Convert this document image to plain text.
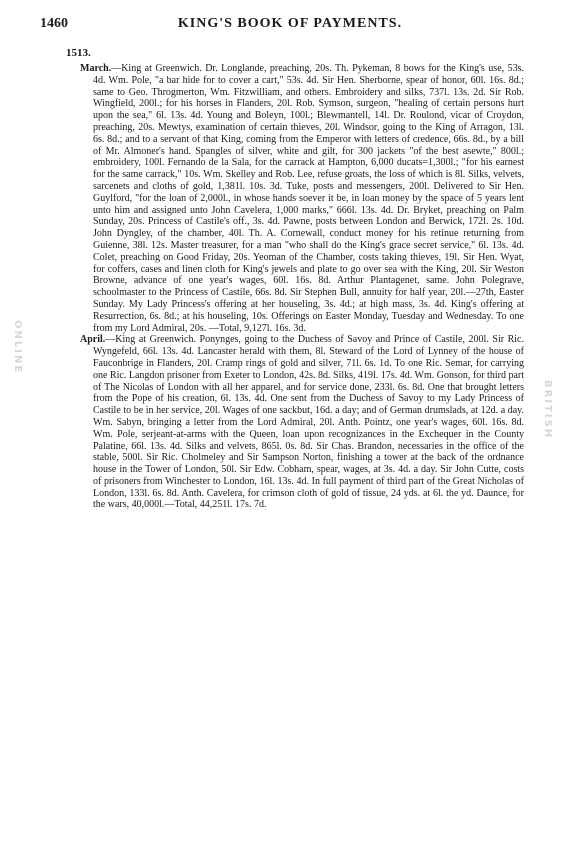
1460	KING'S BOOK OF PAYMENTS.
1513.

March.—King at Greenwich. Dr. Longlande, preaching, 20s. Th. Pykeman, 8 bows for the King's use, 53s. 4d. Wm. Pole, "a bar hide for to cover a cart," 53s. 4d. Sir Hen. Sherborne, spear of honor, 60l. 16s. 8d.; same to Geo. Throgmerton, Wm. Fitzwilliam, and others. Embroidery and silks, 737l. 13s. 2d. Sir Rob. Wingfield, 200l.; for his horses in Flanders, 20l. Rob. Symson, surgeon, "healing of certain persons hurt upon the sea," 6l. 13s. 4d. Young and Boleyn, 100l.; Blewmantell, 14l. Dr. Roulond, vicar of Croydon, preaching, 20s. Mewtys, examination of certain thieves, 20l. Windsor, going to the King of Arragon, 13l. 6s. 8d.; and to a servant of that King, coming from the Emperor with letters of credence, 66s. 8d., by a bill of Mr. Almoner's hand. Spangles of silver, white and gilt, for 300 jackets "of the best asewte," 800l.; embroidery, 100l. Fernando de la Sala, for the carrack at Hampton, 6,000 ducats=1,300l.; "for his earnest for the same carrack," 10s. Wm. Skelley and Rob. Lee, refuse groats, the loss of which is 8l. Silks, velvets, sarcenets and cloths of gold, 1,381l. 10s. 3d. Tuke, posts and messengers, 200l. Delivered to Sir Hen. Guylford, "for the loan of 2,000l., in whose hands soever it be, in loan money by the space of 5 years lent unto him and assigned unto John Cavelera, 1,000 marks," 666l. 13s. 4d. Dr. Bryket, preaching on Palm Sunday, 20s. Princess of Castile's off., 3s. 4d. Pawne, posts between London and Berwick, 172l. 2s. 10d. John Dyngley, of the chamber, 40l. Th. A. Cornewall, conduct money for his retinue returning from Guienne, 38l. 12s. Master treasurer, for a man "who shall do the King's grace secret service," 6l. 13s. 4d. Colet, preaching on Good Friday, 20s. Yeoman of the Chamber, costs taking thieves, 19l. Sir Hen. Wyat, for coffers, cases and linen cloth for King's jewels and plate to go over sea with the King, 20l. Sir Weston Browne, advance of one year's wages, 60l. 16s. 8d. Arthur Plantagenet, same. John Polegrave, schoolmaster to the Princess of Castile, 66s. 8d. Sir Stephen Bull, annuity for half year, 20l.—27th, Easter Sunday. My Lady Princess's offering at her houseling, 3s. 4d.; at high mass, 3s. 4d. King's offering at Resurrection, 6s. 8d.; at his houseling, 10s. Offerings on Easter Monday, Tuesday and Wednesday. To one from my Lord Admiral, 20s. —Total, 9,127l. 16s. 3d.

April.—King at Greenwich. Ponynges, going to the Duchess of Savoy and Prince of Castile, 200l. Sir Ric. Wyngefeld, 66l. 13s. 4d. Lancaster herald with them, 8l. Steward of the Lord of Lynney of the house of Fauconbrige in Flanders, 20l. Cramp rings of gold and silver, 71l. 6s. 1d. To one Ric. Semar, for carrying one Ric. Langdon prisoner from Exeter to London, 42s. 8d. Silks, 419l. 17s. 4d. Wm. Gonson, for third part of The Nicolas of London with all her apparel, and for service done, 233l. 6s. 8d. One that brought letters from the Pope of his creation, 6l. 13s. 4d. One sent from the Duchess of Savoy to my Lady Princess of Castile to be in her service, 20l. Wages of one sackbut, 16d. a day; and of German drumslads, at 12d. a day. Wm. Sabyn, bringing a letter from the Lord Admiral, 20l. Anth. Pointz, one year's wages, 60l. 16s. 8d. Wm. Pole, serjeant-at-arms with the Queen, loan upon recognizances in the Exchequer in the County Palatine, 66l. 13s. 4d. Silks and velvets, 865l. 0s. 8d. Sir Chas. Brandon, necessaries in the office of the stable, 500l. Sir Ric. Cholmeley and Sir Sampson Norton, finishing a tower at the back of the ordnance house in the Tower of London, 50l. Sir Edw. Cobham, spear, wages, at 3s. 4d. a day. Sir John Cutte, costs of prisoners from Winchester to London, 16l. 13s. 4d. In full payment of third part of the Great Nicholas of London, 133l. 6s. 8d. Anth. Cavelera, for crimson cloth of gold of tissue, 24 yds. at 6l. the yd. Daunce, for the wars, 40,000l.—Total, 44,251l. 17s. 7d.

BRITISH
ONLINE
